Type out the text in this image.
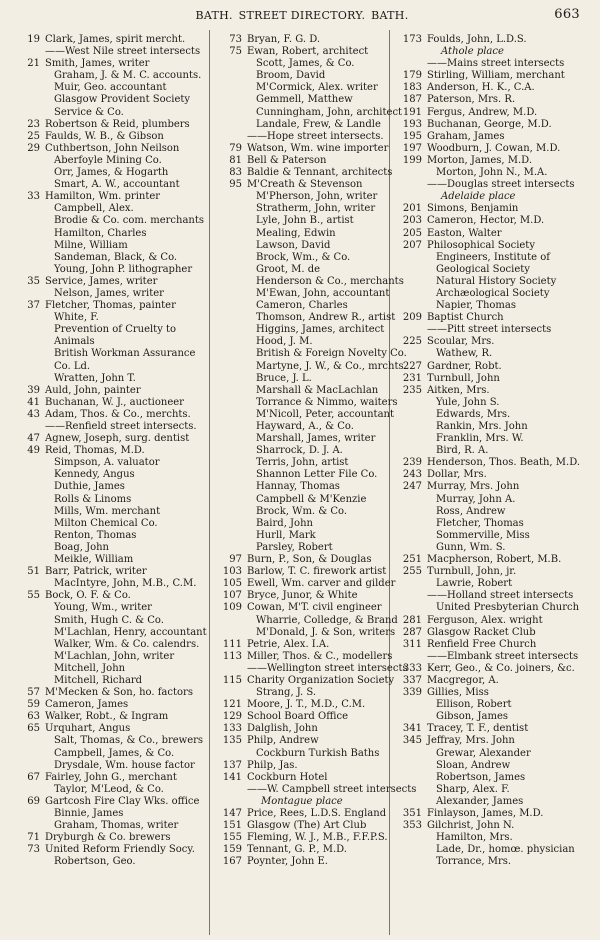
BATH. STREET DIRECTORY. BATH.	663
19 Clark, James, spirit mercht.
——West Nile street intersects
21 Smith, James, writer
Graham, J. & M. C. accounts.
Muir, Geo. accountant
Glasgow Provident Society
Service & Co.
23 Robertson & Reid, plumbers
25 Faulds, W. B., & Gibson
29 Cuthbertson, John Neilson
Aberfoyle Mining Co.
Orr, James, & Hogarth
Smart, A. W., accountant
33 Hamilton, Wm. printer
Campbell, Alex.
Brodie & Co. com. merchants
Hamilton, Charles
Milne, William
Sandeman, Black, & Co.
Young, John P. lithographer
35 Service, James, writer
Nelson, James, writer
37 Fletcher, Thomas, painter
White, F.
Prevention of Cruelty to
Animals
British Workman Assurance
Co. Ld.
Wratten, John T.
39 Auld, John, painter
41 Buchanan, W. J., auctioneer
43 Adam, Thos. & Co., merchts.
——Renfield street intersects.
47 Agnew, Joseph, surg. dentist
49 Reid, Thomas, M.D.
Simpson, A. valuator
Kennedy, Angus
Duthie, James
Rolls & Linoms
Mills, Wm. merchant
Milton Chemical Co.
Renton, Thomas
Boag, John
Meikle, William
51 Barr, Patrick, writer
MacIntyre, John, M.B., C.M.
55 Bock, O. F. & Co.
Young, Wm., writer
Smith, Hugh C. & Co.
M'Lachlan, Henry, accountant
Walker, Wm. & Co. calendrs.
M'Lachlan, John, writer
Mitchell, John
Mitchell, Richard
57 M'Mecken & Son, ho. factors
59 Cameron, James
63 Walker, Robt., & Ingram
65 Urquhart, Angus
Salt, Thomas, & Co., brewers
Campbell, James, & Co.
Drysdale, Wm. house factor
67 Fairley, John G., merchant
Taylor, M'Leod, & Co.
69 Gartcosh Fire Clay Wks. office
Binnie, James
Graham, Thomas, writer
71 Dryburgh & Co. brewers
73 United Reform Friendly Socy.
Robertson, Geo.
73 Bryan, F. G. D.
75 Ewan, Robert, architect
Scott, James, & Co.
Broom, David
M'Cormick, Alex. writer
Gemmell, Matthew
Cunningham, John, architect
Landale, Frew, & Landle
——Hope street intersects.
79 Watson, Wm. wine importer
81 Bell & Paterson
83 Baldie & Tennant, architects
95 M'Creath & Stevenson
M'Pherson, John, writer
Stratherm, John, writer
Lyle, John B., artist
Mealing, Edwin
Lawson, David
Brock, Wm., & Co.
Groot, M. de
Henderson & Co., merchants
M'Ewan, John, accountant
Cameron, Charles
Thomson, Andrew R., artist
Higgins, James, architect
Hood, J. M.
British & Foreign Novelty Co.
Martyne, J. W., & Co., mrchts.
Bruce, J. L.
Marshall & MacLachlan
Torrance & Nimmo, waiters
M'Nicoll, Peter, accountant
Hayward, A., & Co.
Marshall, James, writer
Sharrock, D. J. A.
Terris, John, artist
Shannon Letter File Co.
Hannay, Thomas
Campbell & M'Kenzie
Brock, Wm. & Co.
Baird, John
Hurll, Mark
Parsley, Robert
97 Burn, P., Son, & Douglas
103 Barlow, T. C. firework artist
105 Ewell, Wm. carver and gilder
107 Bryce, Junor, & White
109 Cowan, M'T. civil engineer
Wharrie, Colledge, & Brand
M'Donald, J. & Son, writers
111 Petrie, Alex. I.A.
113 Miller, Thos. & C., modellers
——Wellington street intersects
115 Charity Organization Society
Strang, J. S.
121 Moore, J. T., M.D., C.M.
129 School Board Office
133 Dalglish, John
135 Philp, Andrew
Cockburn Turkish Baths
137 Philp, Jas.
141 Cockburn Hotel
——W. Campbell street intersects
Montague place
147 Price, Rees, L.D.S. England
151 Glasgow (The) Art Club
155 Fleming, W. J., M.B., F.F.P.S.
159 Tennant, G. P., M.D.
167 Poynter, John E.
173 Foulds, John, L.D.S.
Athole place
——Mains street intersects
179 Stirling, William, merchant
183 Anderson, H. K., C.A.
187 Paterson, Mrs. R.
191 Fergus, Andrew, M.D.
193 Buchanan, George, M.D.
195 Graham, James
197 Woodburn, J. Cowan, M.D.
199 Morton, James, M.D.
Morton, John N., M.A.
——Douglas street intersects
Adelaide place
201 Simons, Benjamin
203 Cameron, Hector, M.D.
205 Easton, Walter
207 Philosophical Society
Engineers, Institute of
Geological Society
Natural History Society
Archæological Society
Napier, Thomas
209 Baptist Church
——Pitt street intersects
225 Scoular, Mrs.
Wathew, R.
227 Gardner, Robt.
231 Turnbull, John
235 Aitken, Mrs.
Yule, John S.
Edwards, Mrs.
Rankin, Mrs. John
Franklin, Mrs. W.
Bird, R. A.
239 Henderson, Thos. Beath, M.D.
243 Dollar, Mrs.
247 Murray, Mrs. John
Murray, John A.
Ross, Andrew
Fletcher, Thomas
Sommerville, Miss
Gunn, Wm. S.
251 Macpherson, Robert, M.B.
255 Turnbull, John, jr.
Lawrie, Robert
——Holland street intersects
United Presbyterian Church
281 Ferguson, Alex. wright
287 Glasgow Racket Club
311 Renfield Free Church
——Elmbank street intersects
333 Kerr, Geo., & Co. joiners, &c.
337 Macgregor, A.
339 Gillies, Miss
Ellison, Robert
Gibson, James
341 Tracey, T. F., dentist
345 Jeffray, Mrs. John
Grewar, Alexander
Sloan, Andrew
Robertson, James
Sharp, Alex. F.
Alexander, James
351 Finlayson, James, M.D.
353 Gilchrist, John N.
Hamilton, Mrs.
Lade, Dr., homœ. physician
Torrance, Mrs.
